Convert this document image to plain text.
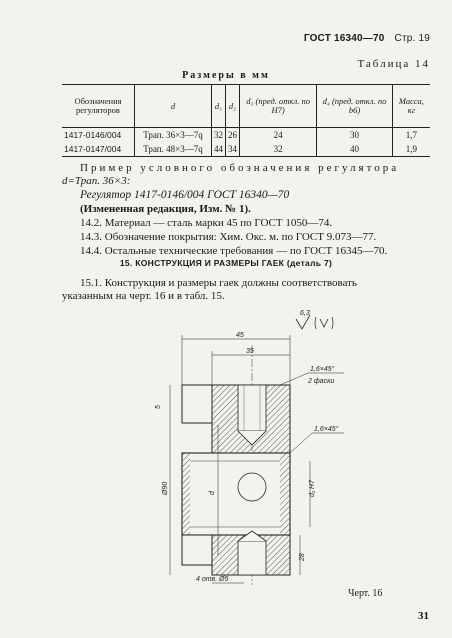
ГОСТ 16340—70 Стр. 19
Таблица 14
Размеры в мм
Обозначения регуляторов	d	d₁	d₂	d₃ (пред. откл. по Н7)	d₄ (пред. откл. по b6)	Масса, кг
1417-0146/004	Трап. 36×3—7q	32	26	24	30	1,7
1417-0147/004	Трап. 48×3—7q	44	34	32	40	1,9
Пример условного обозначения регулятора
d=Трап. 36×3:
Регулятор 1417-0146/004 ГОСТ 16340—70
(Измененная редакция, Изм. № 1).
14.2. Материал — сталь марки 45 по ГОСТ 1050—74.
14.3. Обозначение покрытия: Хим. Окс. м. по ГОСТ 9.073—77.
14.4. Остальные технические требования — по ГОСТ 16345—70.
15. КОНСТРУКЦИЯ И РАЗМЕРЫ ГАЕК (деталь 7)
15.1. Конструкция и размеры гаек должны соответствовать
указанным на черт. 16 и в табл. 15.
6,3
45
35
1,6×45°
2 фаски
1,6×45°
d₁ Н7
d
Ø90
28
5
4 отв. Ø5
Черт. 16
31
